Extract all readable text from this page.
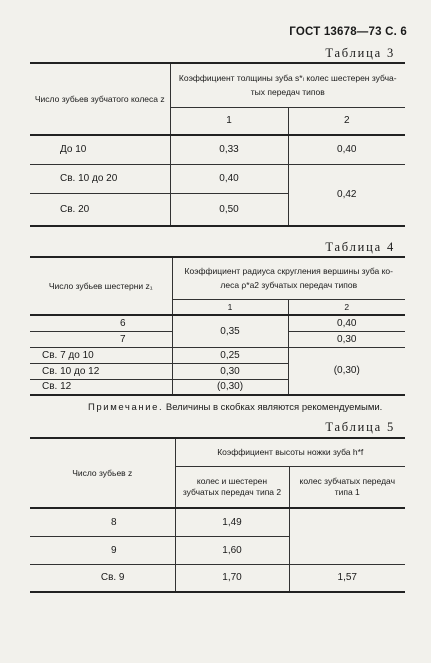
ГОСТ 13678—73 С. 6
Таблица 3
Число зубьев зубчатого колеса z	Коэффициент толщины зуба s*ₗ колес шестерен зубча-
тых передач типов	
	1	2
До 10	0,33	0,40
Св. 10 до 20	0,40	0,42
Св. 20	0,50	
Таблица 4
Число зубьев шестерни z₁	Коэффициент радиуса скругления вершины зуба ко-
леса ρ*a2 зубчатых передач типов	
	1	2
6	0,35	0,40
7		0,30
Св. 7 до 10	0,25	(0,30)
Св. 10 до 12	0,30	
Св. 12	(0,30)	
Примечание. Величины в скобках являются рекомендуемыми.
Таблица 5
Число зубьев z	Коэффициент высоты ножки зуба h*f	
	колес и шестерен зубчатых передач типа 2	колес зубчатых передач типа 1
8	1,49	
9	1,60	
Св. 9	1,70	1,57
